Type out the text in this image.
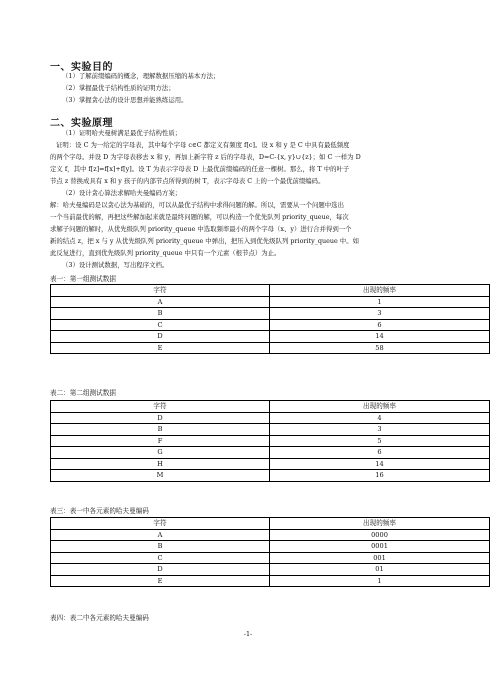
一、实验目的
（1）了解前缀编码的概念，理解数据压缩的基本方法；
（2）掌握最优子结构性质的证明方法；
（3）掌握贪心法的设计思想并能熟练运用。
二、实验原理
（1）证明哈夫曼树满足最优子结构性质；
证明：设 C 为一给定的字母表，其中每个字母 c∈C 都定义有频度 f[c]。设 x 和 y 是 C 中具有最低频度
的两个字母。并设 D 为字母表移去 x 和 y，再加上新字符 z 后的字母表，D=C-{x, y}∪{z}；如 C 一样为 D
定义 f，其中 f[z]=f[x]+f[y]。设 T 为表示字母表 D 上最优前缀编码的任意一棵树。那么，将 T 中的叶子
节点 z 替换成具有 x 和 y 孩子的内部节点所得到的树 T，表示字母表 C 上的一个最优前缀编码。
（2）设计贪心算法求解哈夫曼编码方案；
解：哈夫曼编码是以贪心法为基础的，可以从最优子结构中求得问题的解。所以，需要从一个问题中选出
一个当前最优的解，再把这些解加起来就是最终问题的解，可以构造一个优先队列 priority_queue，每次
求解子问题的解时，从优先级队列 priority_queue 中选取频率最小的两个字母（x、y）进行合并得到一个
新的结点 z，把 x 与 y 从优先级队列 priority_queue 中弹出，把压入到优先级队列 priority_queue 中。如
此反复进行，直到优先级队列 priority_queue 中只有一个元素（根节点）为止。
（3）设计测试数据，写出程序文档。
表一：第一组测试数据
字符	出现的频率
A	1
B	3
C	6
D	14
E	58
表二：第二组测试数据
字符	出现的频率
D	4
B	3
F	5
G	6
H	14
M	16
表三：表一中各元素的哈夫曼编码
字符	出现的频率
A	0000
B	0001
C	001
D	01
E	1
表四：表二中各元素的哈夫曼编码
-1-
